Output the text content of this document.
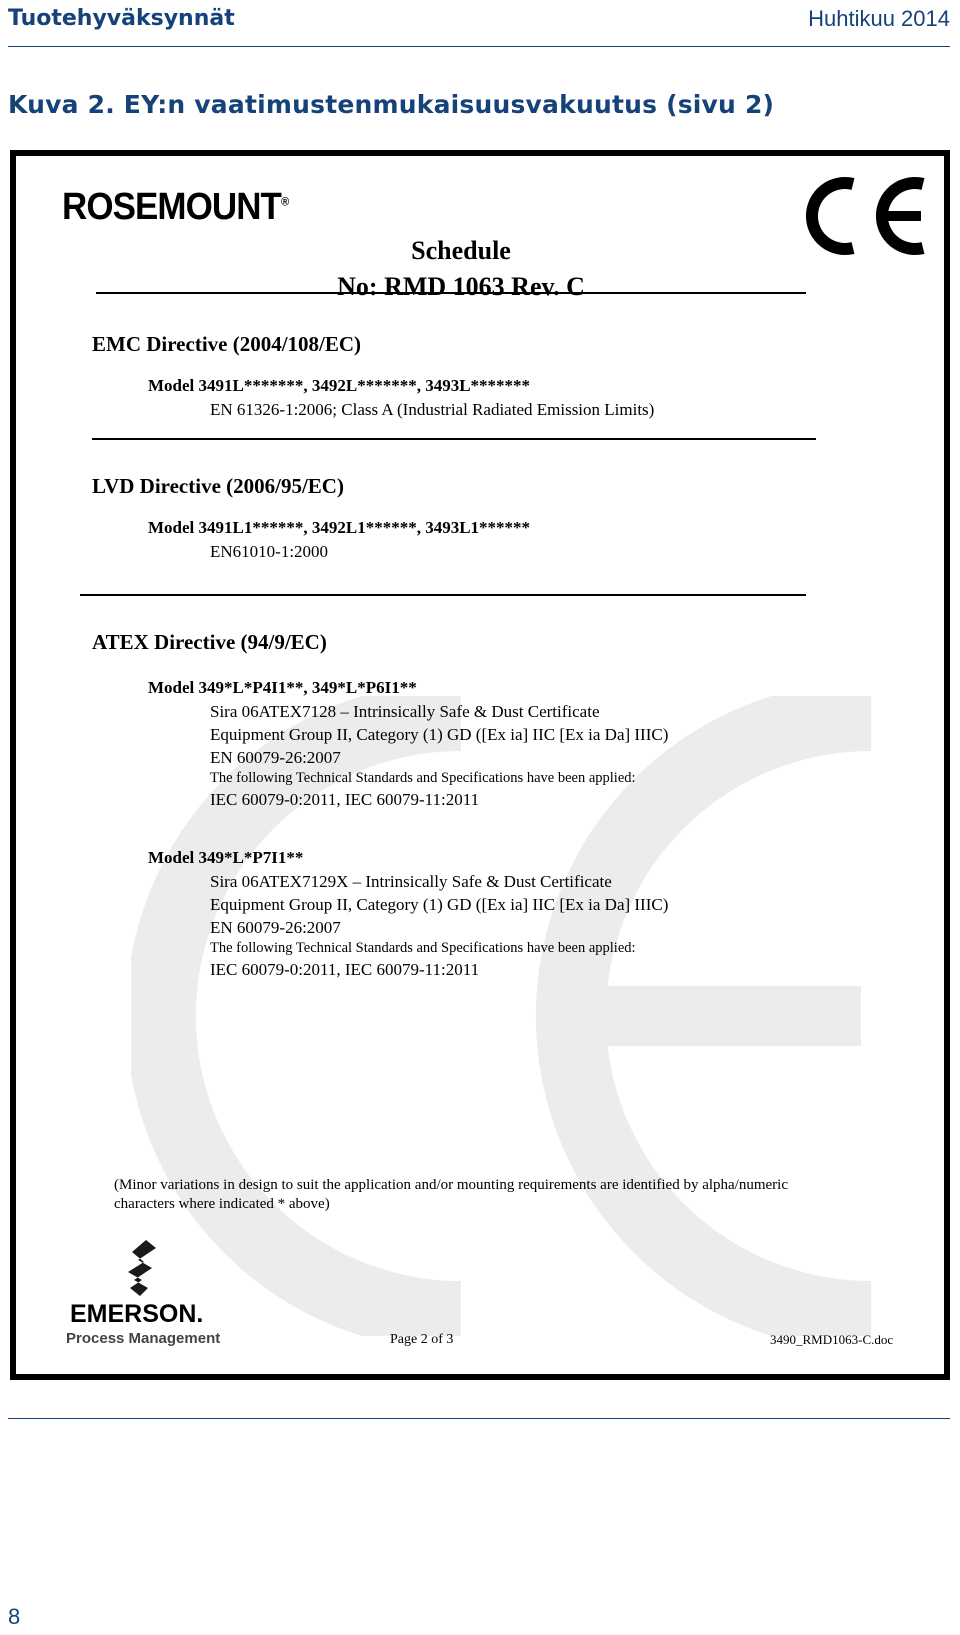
Tuotehyväksynnät	Huhtikuu 2014
Kuva 2. EY:n vaatimustenmukaisuusvakuutus (sivu 2)
ROSEMOUNT®
Schedule
No: RMD 1063 Rev. C
EMC Directive (2004/108/EC)
Model 3491L*******, 3492L*******, 3493L*******
EN 61326-1:2006; Class A (Industrial Radiated Emission Limits)
LVD Directive (2006/95/EC)
Model 3491L1******, 3492L1******, 3493L1******
EN61010-1:2000
ATEX Directive (94/9/EC)
Model 349*L*P4I1**, 349*L*P6I1**
Sira 06ATEX7128 – Intrinsically Safe & Dust Certificate
Equipment Group II, Category (1) GD ([Ex ia] IIC [Ex ia Da] IIIC)
EN 60079-26:2007
The following Technical Standards and Specifications have been applied:
IEC 60079-0:2011, IEC 60079-11:2011
Model 349*L*P7I1**
Sira 06ATEX7129X – Intrinsically Safe & Dust Certificate
Equipment Group II, Category (1) GD ([Ex ia] IIC [Ex ia Da] IIIC)
EN 60079-26:2007
The following Technical Standards and Specifications have been applied:
IEC 60079-0:2011, IEC 60079-11:2011
(Minor variations in design to suit the application and/or mounting requirements are identified by alpha/numeric characters where indicated * above)
EMERSON.
Process Management	Page 2 of 3	3490_RMD1063-C.doc
8
